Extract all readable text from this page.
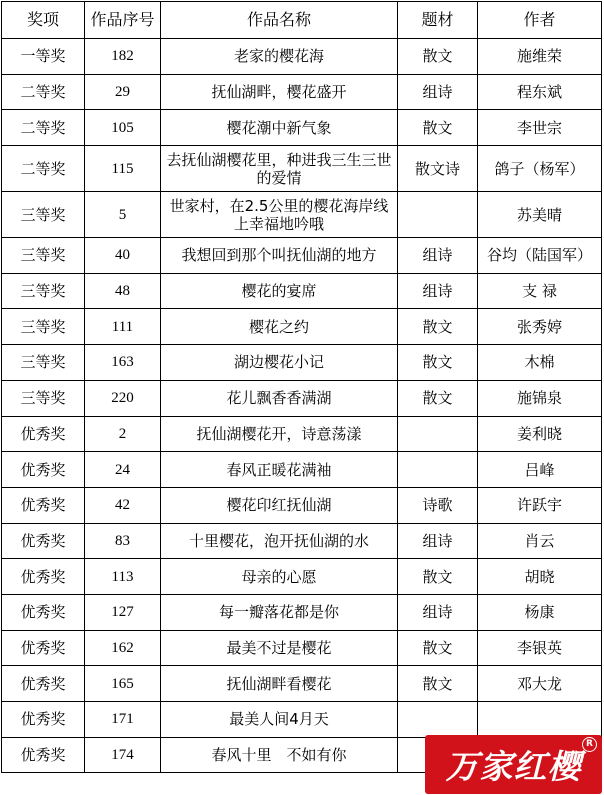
奖项	作品序号	作品名称	题材	作者
一等奖	182	老家的樱花海	散文	施维荣
二等奖	29	抚仙湖畔，樱花盛开	组诗	程东斌
二等奖	105	樱花潮中新气象	散文	李世宗
二等奖	115	去抚仙湖樱花里，种进我三生三世的爱情	散文诗	鸽子（杨军）
三等奖	5	世家村，在2.5公里的樱花海岸线上幸福地吟哦		苏美晴
三等奖	40	我想回到那个叫抚仙湖的地方	组诗	谷均（陆国军）
三等奖	48	樱花的宴席	组诗	支 禄
三等奖	111	樱花之约	散文	张秀婷
三等奖	163	湖边樱花小记	散文	木棉
三等奖	220	花儿飘香香满湖	散文	施锦泉
优秀奖	2	抚仙湖樱花开，诗意荡漾		姜利晓
优秀奖	24	春风正暖花满袖		吕峰
优秀奖	42	樱花印红抚仙湖	诗歌	许跃宇
优秀奖	83	十里樱花，泡开抚仙湖的水	组诗	肖云
优秀奖	113	母亲的心愿	散文	胡晓
优秀奖	127	每一瓣落花都是你	组诗	杨康
优秀奖	162	最美不过是樱花	散文	李银英
优秀奖	165	抚仙湖畔看樱花	散文	邓大龙
优秀奖	171	最美人间4月天		
优秀奖	174	春风十里　不如有你			万家红樱
R
